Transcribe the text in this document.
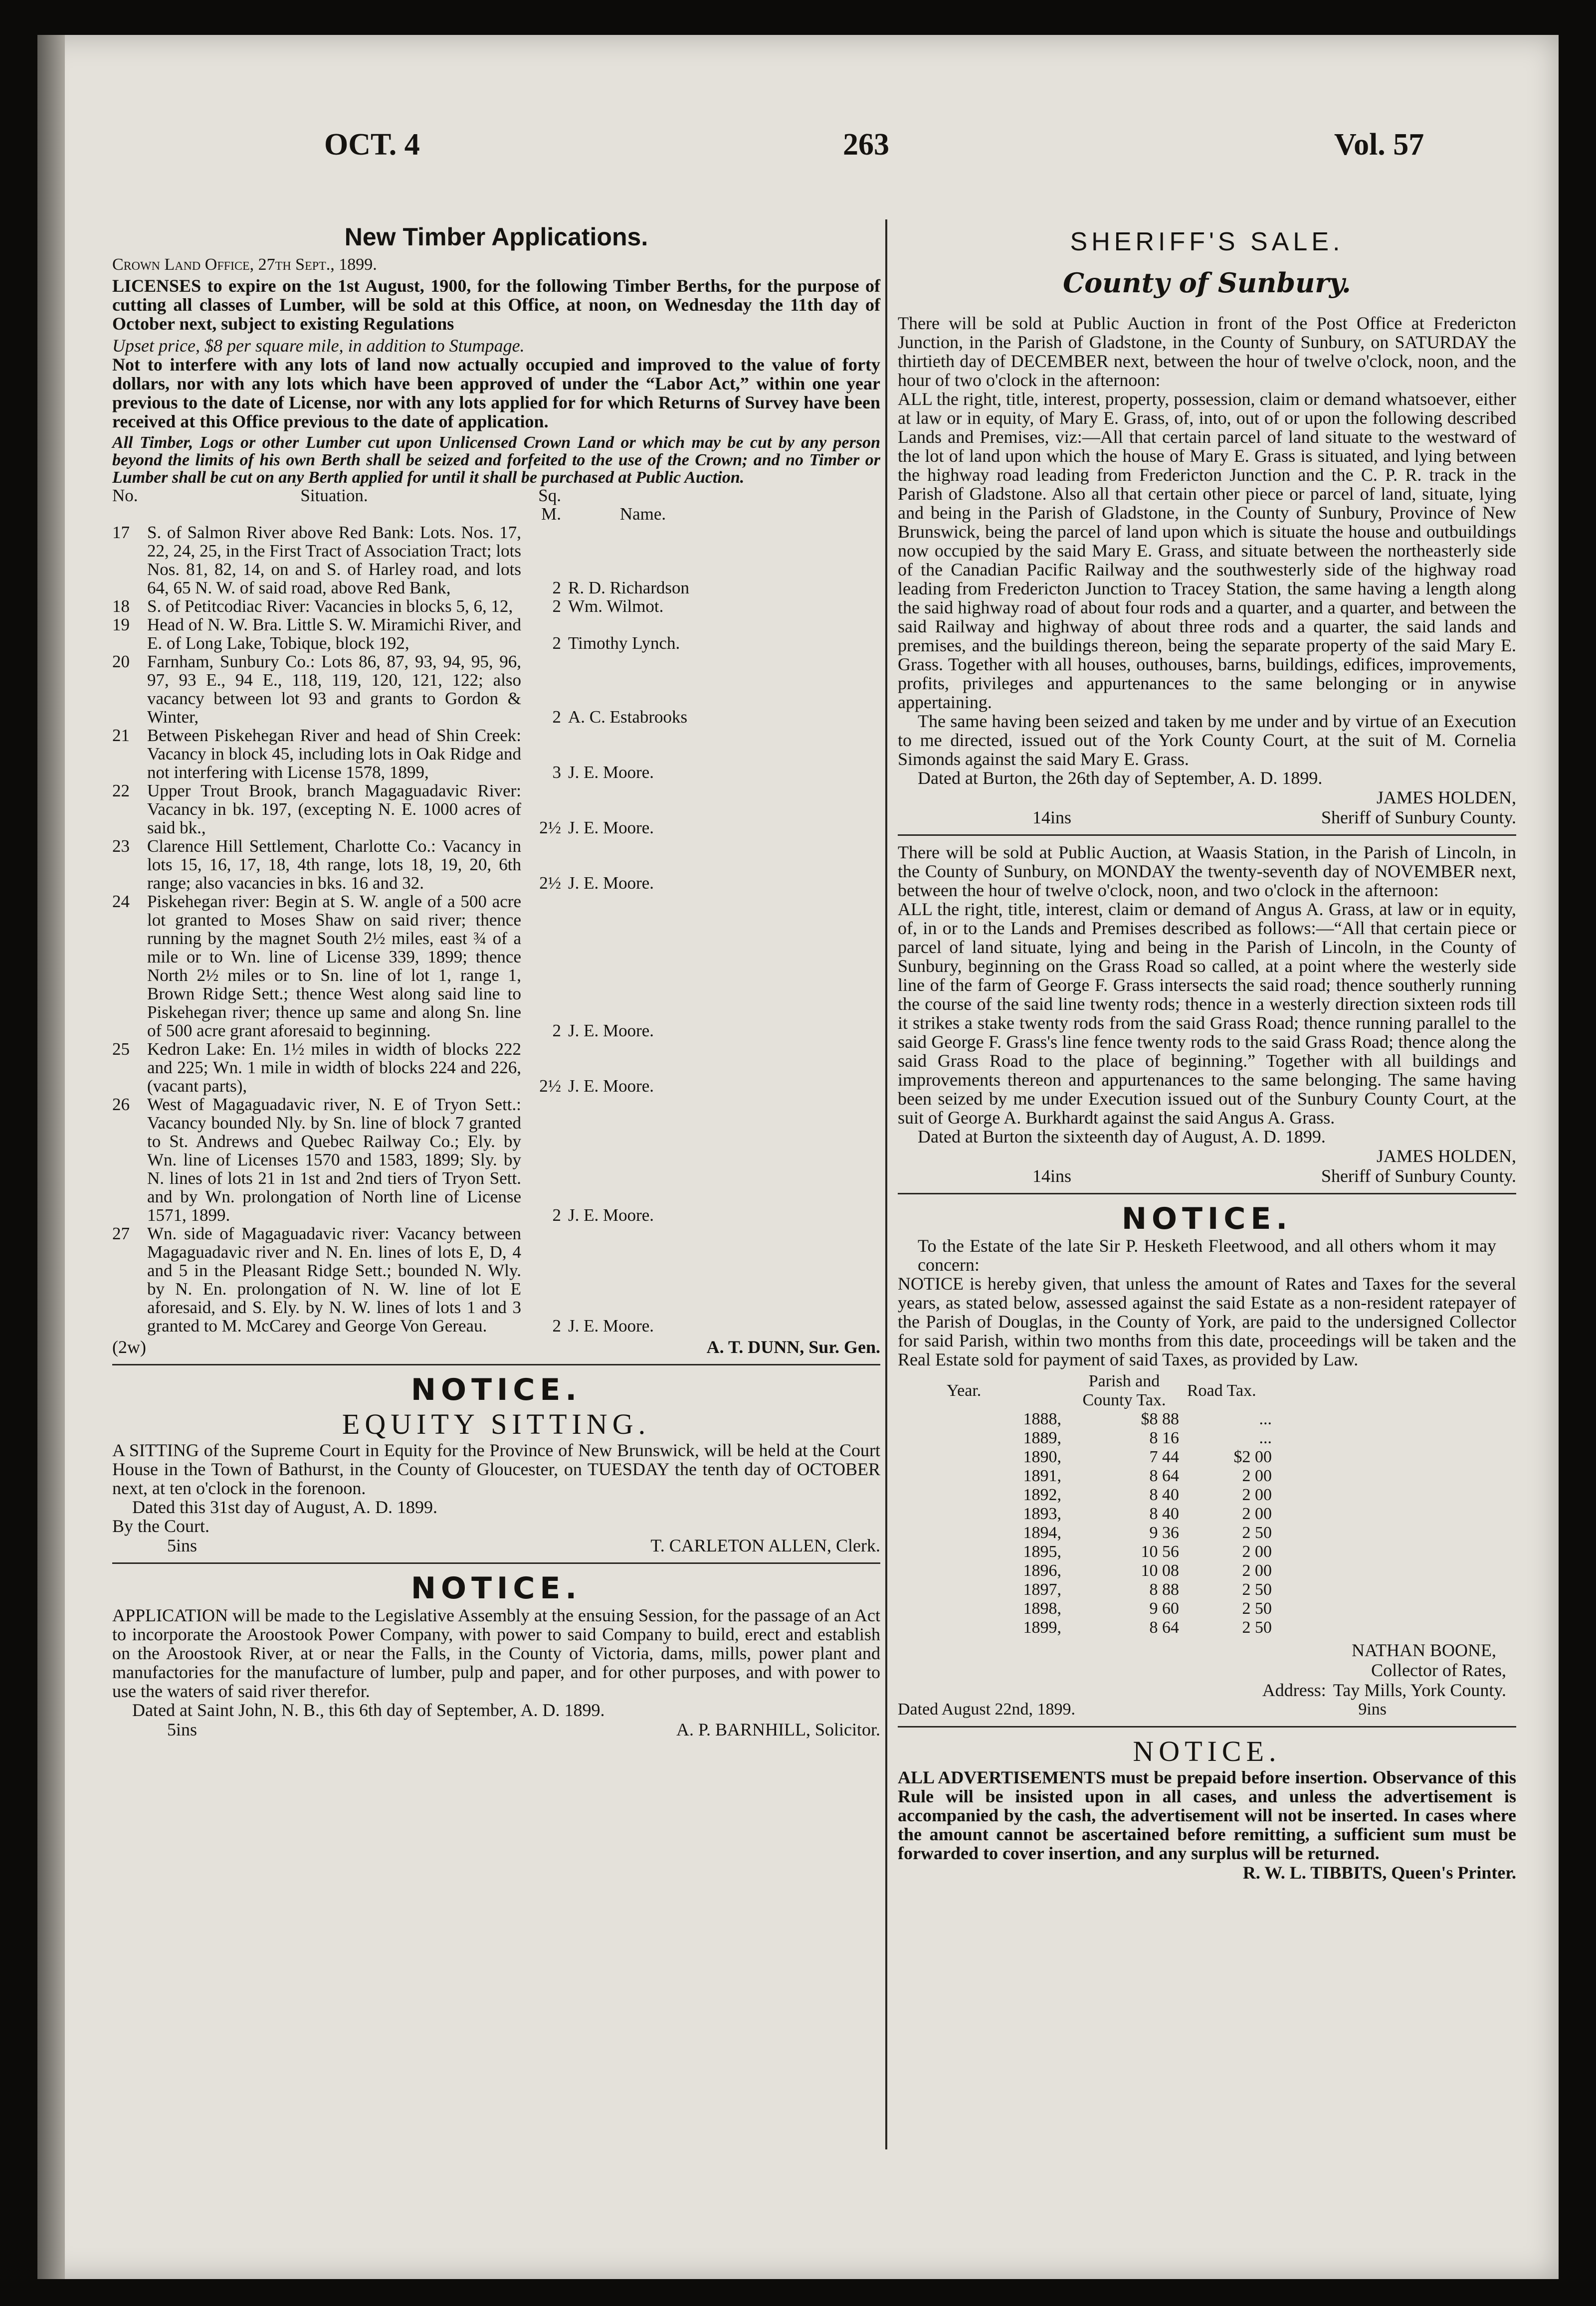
OCT. 4	263	Vol. 57
New Timber Applications.

Crown Land Office, 27th Sept., 1899.

LICENSES to expire on the 1st August, 1900, for the following Timber Berths, for the purpose of cutting all classes of Lumber, will be sold at this Office, at noon, on Wednesday the 11th day of October next, subject to existing Regulations

Upset price, $8 per square mile, in addition to Stumpage.

Not to interfere with any lots of land now actually occupied and improved to the value of forty dollars, nor with any lots which have been approved of under the “Labor Act,” within one year previous to the date of License, nor with any lots applied for for which Returns of Survey have been received at this Office previous to the date of application.

All Timber, Logs or other Lumber cut upon Unlicensed Crown Land or which may be cut by any person beyond the limits of his own Berth shall be seized and forfeited to the use of the Crown; and no Timber or Lumber shall be cut on any Berth applied for until it shall be purchased at Public Auction.

No.	Situation.	Sq. M.	Name.
17	S. of Salmon River above Red Bank: Lots. Nos. 17, 22, 24, 25, in the First Tract of Association Tract; lots Nos. 81, 82, 14, on and S. of Harley road, and lots 64, 65 N. W. of said road, above Red Bank,	2	R. D. Richardson
18	S. of Petitcodiac River: Vacancies in blocks 5, 6, 12,	2	Wm. Wilmot.
19	Head of N. W. Bra. Little S. W. Miramichi River, and E. of Long Lake, Tobique, block 192,	2	Timothy Lynch.
20	Farnham, Sunbury Co.: Lots 86, 87, 93, 94, 95, 96, 97, 93 E., 94 E., 118, 119, 120, 121, 122; also vacancy between lot 93 and grants to Gordon & Winter,	2	A. C. Estabrooks
21	Between Piskehegan River and head of Shin Creek: Vacancy in block 45, including lots in Oak Ridge and not interfering with License 1578, 1899,	3	J. E. Moore.
22	Upper Trout Brook, branch Magaguadavic River: Vacancy in bk. 197, (excepting N. E. 1000 acres of said bk.,	2½	J. E. Moore.
23	Clarence Hill Settlement, Charlotte Co.: Vacancy in lots 15, 16, 17, 18, 4th range, lots 18, 19, 20, 6th range; also vacancies in bks. 16 and 32.	2½	J. E. Moore.
24	Piskehegan river: Begin at S. W. angle of a 500 acre lot granted to Moses Shaw on said river; thence running by the magnet South 2½ miles, east ¾ of a mile or to Wn. line of License 339, 1899; thence North 2½ miles or to Sn. line of lot 1, range 1, Brown Ridge Sett.; thence West along said line to Piskehegan river; thence up same and along Sn. line of 500 acre grant aforesaid to beginning.	2	J. E. Moore.
25	Kedron Lake: En. 1½ miles in width of blocks 222 and 225; Wn. 1 mile in width of blocks 224 and 226, (vacant parts),	2½	J. E. Moore.
26	West of Magaguadavic river, N. E of Tryon Sett.: Vacancy bounded Nly. by Sn. line of block 7 granted to St. Andrews and Quebec Railway Co.; Ely. by Wn. line of Licenses 1570 and 1583, 1899; Sly. by N. lines of lots 21 in 1st and 2nd tiers of Tryon Sett. and by Wn. prolongation of North line of License 1571, 1899.	2	J. E. Moore.
27	Wn. side of Magaguadavic river: Vacancy between Magaguadavic river and N. En. lines of lots E, D, 4 and 5 in the Pleasant Ridge Sett.; bounded N. Wly. by N. En. prolongation of N. W. line of lot E aforesaid, and S. Ely. by N. W. lines of lots 1 and 3 granted to M. McCarey and George Von Gereau.	2	J. E. Moore.
(2w)	A. T. DUNN, Sur. Gen.
NOTICE.
EQUITY SITTING.

A SITTING of the Supreme Court in Equity for the Province of New Brunswick, will be held at the Court House in the Town of Bathurst, in the County of Gloucester, on TUESDAY the tenth day of OCTOBER next, at ten o'clock in the forenoon.

Dated this 31st day of August, A. D. 1899.

By the Court.

5ins	T. CARLETON ALLEN, Clerk.
NOTICE.

APPLICATION will be made to the Legislative Assembly at the ensuing Session, for the passage of an Act to incorporate the Aroostook Power Company, with power to said Company to build, erect and establish on the Aroostook River, at or near the Falls, in the County of Victoria, dams, mills, power plant and manufactories for the manufacture of lumber, pulp and paper, and for other purposes, and with power to use the waters of said river therefor.

Dated at Saint John, N. B., this 6th day of September, A. D. 1899.

5ins	A. P. BARNHILL, Solicitor.
SHERIFF'S SALE.
County of Sunbury.

There will be sold at Public Auction in front of the Post Office at Fredericton Junction, in the Parish of Gladstone, in the County of Sunbury, on SATURDAY the thirtieth day of DECEMBER next, between the hour of twelve o'clock, noon, and the hour of two o'clock in the afternoon:

ALL the right, title, interest, property, possession, claim or demand whatsoever, either at law or in equity, of Mary E. Grass, of, into, out of or upon the following described Lands and Premises, viz:—All that certain parcel of land situate to the westward of the lot of land upon which the house of Mary E. Grass is situated, and lying between the highway road leading from Fredericton Junction and the C. P. R. track in the Parish of Gladstone. Also all that certain other piece or parcel of land, situate, lying and being in the Parish of Gladstone, in the County of Sunbury, Province of New Brunswick, being the parcel of land upon which is situate the house and outbuildings now occupied by the said Mary E. Grass, and situate between the northeasterly side of the Canadian Pacific Railway and the southwesterly side of the highway road leading from Fredericton Junction to Tracey Station, the same having a length along the said highway road of about four rods and a quarter, and a quarter, and between the said Railway and highway of about three rods and a quarter, the said lands and premises, and the buildings thereon, being the separate property of the said Mary E. Grass. Together with all houses, outhouses, barns, buildings, edifices, improvements, profits, privileges and appurtenances to the same belonging or in anywise appertaining.

The same having been seized and taken by me under and by virtue of an Execution to me directed, issued out of the York County Court, at the suit of M. Cornelia Simonds against the said Mary E. Grass.

Dated at Burton, the 26th day of September, A. D. 1899.

JAMES HOLDEN,

14ins	Sheriff of Sunbury County.

There will be sold at Public Auction, at Waasis Station, in the Parish of Lincoln, in the County of Sunbury, on MONDAY the twenty-seventh day of NOVEMBER next, between the hour of twelve o'clock, noon, and two o'clock in the afternoon:

ALL the right, title, interest, claim or demand of Angus A. Grass, at law or in equity, of, in or to the Lands and Premises described as follows:—“All that certain piece or parcel of land situate, lying and being in the Parish of Lincoln, in the County of Sunbury, beginning on the Grass Road so called, at a point where the westerly side line of the farm of George F. Grass intersects the said road; thence southerly running the course of the said line twenty rods; thence in a westerly direction sixteen rods till it strikes a stake twenty rods from the said Grass Road; thence running parallel to the said George F. Grass's line fence twenty rods to the said Grass Road; thence along the said Grass Road to the place of beginning.” Together with all buildings and improvements thereon and appurtenances to the same belonging. The same having been seized by me under Execution issued out of the Sunbury County Court, at the suit of George A. Burkhardt against the said Angus A. Grass.

Dated at Burton the sixteenth day of August, A. D. 1899.

JAMES HOLDEN,

14ins	Sheriff of Sunbury County.
NOTICE.

To the Estate of the late Sir P. Hesketh Fleetwood, and all others whom it may concern:

NOTICE is hereby given, that unless the amount of Rates and Taxes for the several years, as stated below, assessed against the said Estate as a non-resident ratepayer of the Parish of Douglas, in the County of York, are paid to the undersigned Collector for said Parish, within two months from this date, proceedings will be taken and the Real Estate sold for payment of said Taxes, as provided by Law.

Year.	Parish and County Tax.	Road Tax.
1888,	$8 88	...
1889,	8 16	...
1890,	7 44	$2 00
1891,	8 64	2 00
1892,	8 40	2 00
1893,	8 40	2 00
1894,	9 36	2 50
1895,	10 56	2 00
1896,	10 08	2 00
1897,	8 88	2 50
1898,	9 60	2 50
1899,	8 64	2 50

NATHAN BOONE,

Collector of Rates,

Address: Tay Mills, York County.
Dated August 22nd, 1899.	9ins
NOTICE.

ALL ADVERTISEMENTS must be prepaid before insertion. Observance of this Rule will be insisted upon in all cases, and unless the advertisement is accompanied by the cash, the advertisement will not be inserted. In cases where the amount cannot be ascertained before remitting, a sufficient sum must be forwarded to cover insertion, and any surplus will be returned.

R. W. L. TIBBITS, Queen's Printer.
